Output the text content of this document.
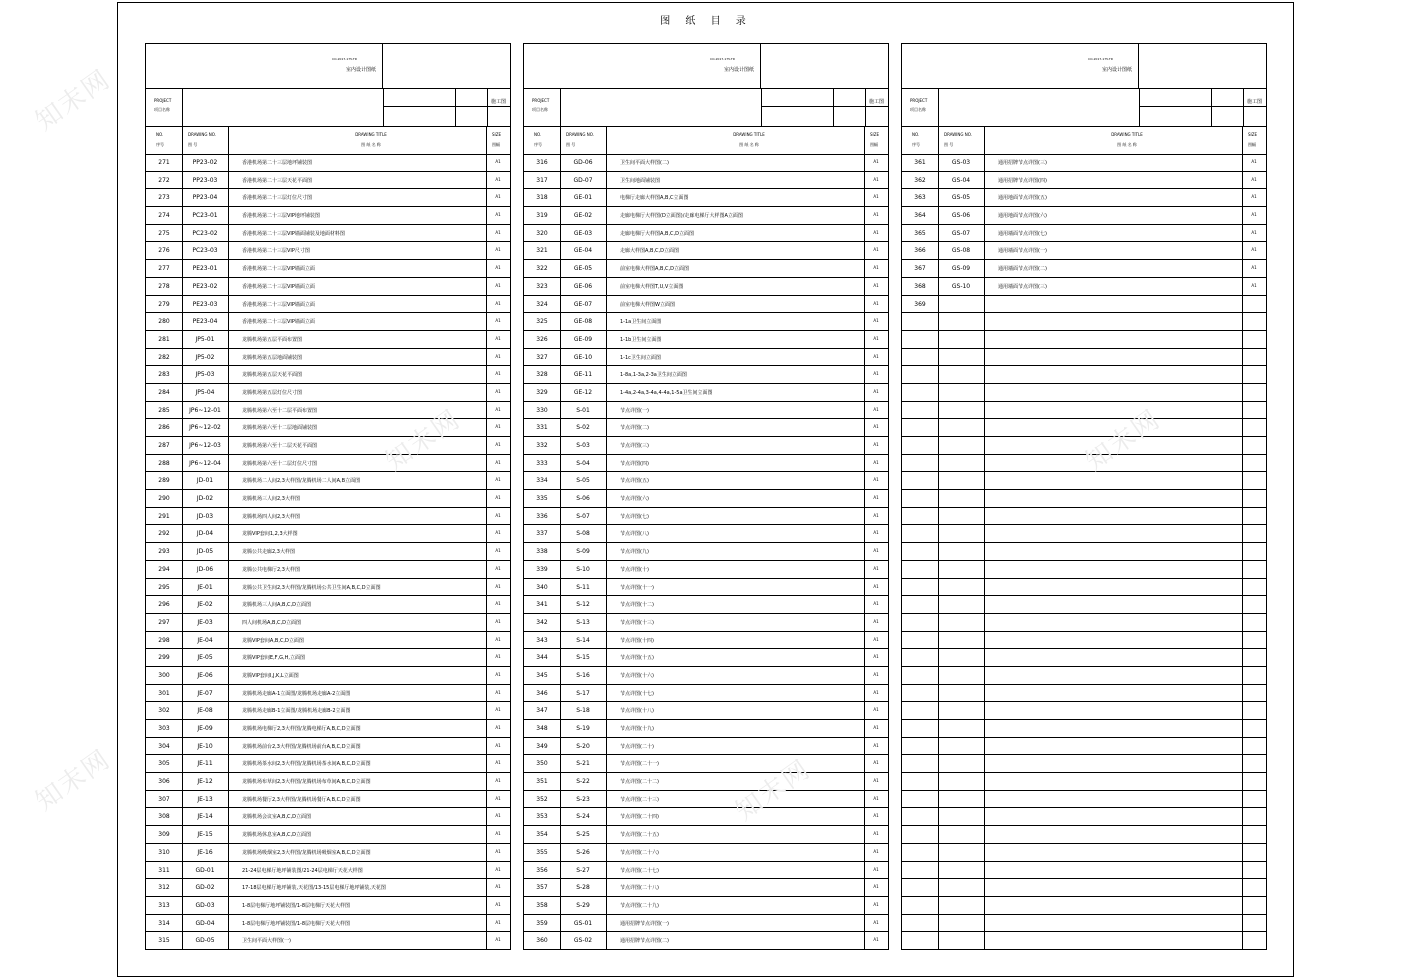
图 纸 目 录
CO-2017-175-TD
室内设计图纸
PROJECT
项目名称
施工图
NO.
序号
DRAWING NO.
图 号
DRAWING TITLE
图 纸 名 称
SIZE
图幅
271	PP23-02	香港机场第二十三层地坪铺装图	A1
272	PP23-03	香港机场第二十三层天花平面图	A1
273	PP23-04	香港机场第二十三层灯位尺寸图	A1
274	PC23-01	香港机场第二十三层VIP地坪铺装图	A1
275	PC23-02	香港机场第二十三层VIP墙面铺装及地面材料图	A1
276	PC23-03	香港机场第二十三层VIP尺寸图	A1
277	PE23-01	香港机场第二十三层VIP墙面立面	A1
278	PE23-02	香港机场第二十三层VIP墙面立面	A1
279	PE23-03	香港机场第二十三层VIP墙面立面	A1
280	PE23-04	香港机场第二十三层VIP墙面立面	A1
281	JP5-01	龙腾机场第五层平面布置图	A1
282	JP5-02	龙腾机场第五层地面铺装图	A1
283	JP5-03	龙腾机场第五层天花平面图	A1
284	JP5-04	龙腾机场第五层灯位尺寸图	A1
285	JP6~12-01	龙腾机场第六至十二层平面布置图	A1
286	JP6~12-02	龙腾机场第六至十二层地面铺装图	A1
287	JP6~12-03	龙腾机场第六至十二层天花平面图	A1
288	JP6~12-04	龙腾机场第六至十二层灯位尺寸图	A1
289	JD-01	龙腾机场二人间2,3大样图/龙腾机场二人间A,B立面图	A1
290	JD-02	龙腾机场三人间2,3大样图	A1
291	JD-03	龙腾机场四人间2,3大样图	A1
292	JD-04	龙腾VIP套间1,2,3大样图	A1
293	JD-05	龙腾公共走廊2,3大样图	A1
294	JD-06	龙腾公共电梯厅2,3大样图	A1
295	JE-01	龙腾公共卫生间2,3大样图/龙腾机场公共卫生间A,B,C,D立面图	A1
296	JE-02	龙腾机场三人间A,B,C,D立面图	A1
297	JE-03	四人间机场A,B,C,D立面图	A1
298	JE-04	龙腾VIP套间A,B,C,D立面图	A1
299	JE-05	龙腾VIP套间E,F,G,H,立面图	A1
300	JE-06	龙腾VIP套间I,J,K,L立面图	A1
301	JE-07	龙腾机场走廊A-1立面图/龙腾机场走廊A-2立面图	A1
302	JE-08	龙腾机场走廊B-1立面图/龙腾机场走廊B-2立面图	A1
303	JE-09	龙腾机场电梯厅2,3大样图/龙腾电梯厅A,B,C,D立面图	A1
304	JE-10	龙腾机场前台2,3大样图/龙腾机场前台A,B,C,D立面图	A1
305	JE-11	龙腾机场茶水间2,3大样图/龙腾机场茶水间A,B,C,D立面图	A1
306	JE-12	龙腾机场布草间2,3大样图/龙腾机场布草间A,B,C,D立面图	A1
307	JE-13	龙腾机场餐厅2,3大样图/龙腾机场餐厅A,B,C,D立面图	A1
308	JE-14	龙腾机场会议室A,B,C,D立面图	A1
309	JE-15	龙腾机场休息室A,B,C,D立面图	A1
310	JE-16	龙腾机场吸烟室2,3大样图/龙腾机场吸烟室A,B,C,D立面图	A1
311	GD-01	21-24层电梯厅地坪铺装图/21-24层电梯厅天花大样图	A1
312	GD-02	17-18层电梯厅地坪铺装,天花图/13-15层电梯厅地坪铺装,天花图	A1
313	GD-03	1-8层电梯厅地坪铺装图/1-8层电梯厅天花大样图	A1
314	GD-04	1-8层电梯厅地坪铺装图/1-8层电梯厅天花大样图	A1
315	GD-05	卫生间平面大样图(一)	A1
CO-2017-175-TD
室内设计图纸
PROJECT
项目名称
施工图
NO.
序号
DRAWING NO.
图 号
DRAWING TITLE
图 纸 名 称
SIZE
图幅
316	GD-06	卫生间平面大样图(二)	A1
317	GD-07	卫生间地面铺装图	A1
318	GE-01	电梯厅走廊大样图A,B,C立面图	A1
319	GE-02	走廊电梯厅大样图(D立面图)/走廊电梯厅大样图A立面图	A1
320	GE-03	走廊电梯厅大样图A,B,C,D立面图	A1
321	GE-04	走廊大样图A,B,C,D立面图	A1
322	GE-05	前室电梯大样图A,B,C,D立面图	A1
323	GE-06	前室电梯大样图T,U,V立面图	A1
324	GE-07	前室电梯大样图W立面图	A1
325	GE-08	1-1a卫生间立面图	A1
326	GE-09	1-1b卫生间立面图	A1
327	GE-10	1-1c卫生间立面图	A1
328	GE-11	1-8a,1-3a,2-3a卫生间立面图	A1
329	GE-12	1-4a,2-4a,3-4a,4-4a,1-5a卫生间立面图	A1
330	S-01	节点详图(一)	A1
331	S-02	节点详图(二)	A1
332	S-03	节点详图(三)	A1
333	S-04	节点详图(四)	A1
334	S-05	节点详图(五)	A1
335	S-06	节点详图(六)	A1
336	S-07	节点详图(七)	A1
337	S-08	节点详图(八)	A1
338	S-09	节点详图(九)	A1
339	S-10	节点详图(十)	A1
340	S-11	节点详图(十一)	A1
341	S-12	节点详图(十二)	A1
342	S-13	节点详图(十三)	A1
343	S-14	节点详图(十四)	A1
344	S-15	节点详图(十五)	A1
345	S-16	节点详图(十六)	A1
346	S-17	节点详图(十七)	A1
347	S-18	节点详图(十八)	A1
348	S-19	节点详图(十九)	A1
349	S-20	节点详图(二十)	A1
350	S-21	节点详图(二十一)	A1
351	S-22	节点详图(二十二)	A1
352	S-23	节点详图(二十三)	A1
353	S-24	节点详图(二十四)	A1
354	S-25	节点详图(二十五)	A1
355	S-26	节点详图(二十六)	A1
356	S-27	节点详图(二十七)	A1
357	S-28	节点详图(二十八)	A1
358	S-29	节点详图(二十九)	A1
359	GS-01	通用招牌节点详图(一)	A1
360	GS-02	通用招牌节点详图(二)	A1
CO-2017-175-TD
室内设计图纸
PROJECT
项目名称
施工图
NO.
序号
DRAWING NO.
图 号
DRAWING TITLE
图 纸 名 称
SIZE
图幅
361	GS-03	通用招牌节点详图(三)	A1
362	GS-04	通用招牌节点详图(四)	A1
363	GS-05	通用地面节点详图(五)	A1
364	GS-06	通用地面节点详图(六)	A1
365	GS-07	通用墙面节点详图(七)	A1
366	GS-08	通用墙面节点详图(一)	A1
367	GS-09	通用墙面节点详图(二)	A1
368	GS-10	通用墙面节点详图(三)	A1
369
知末网
知末网
知末网
知末网
知末网
